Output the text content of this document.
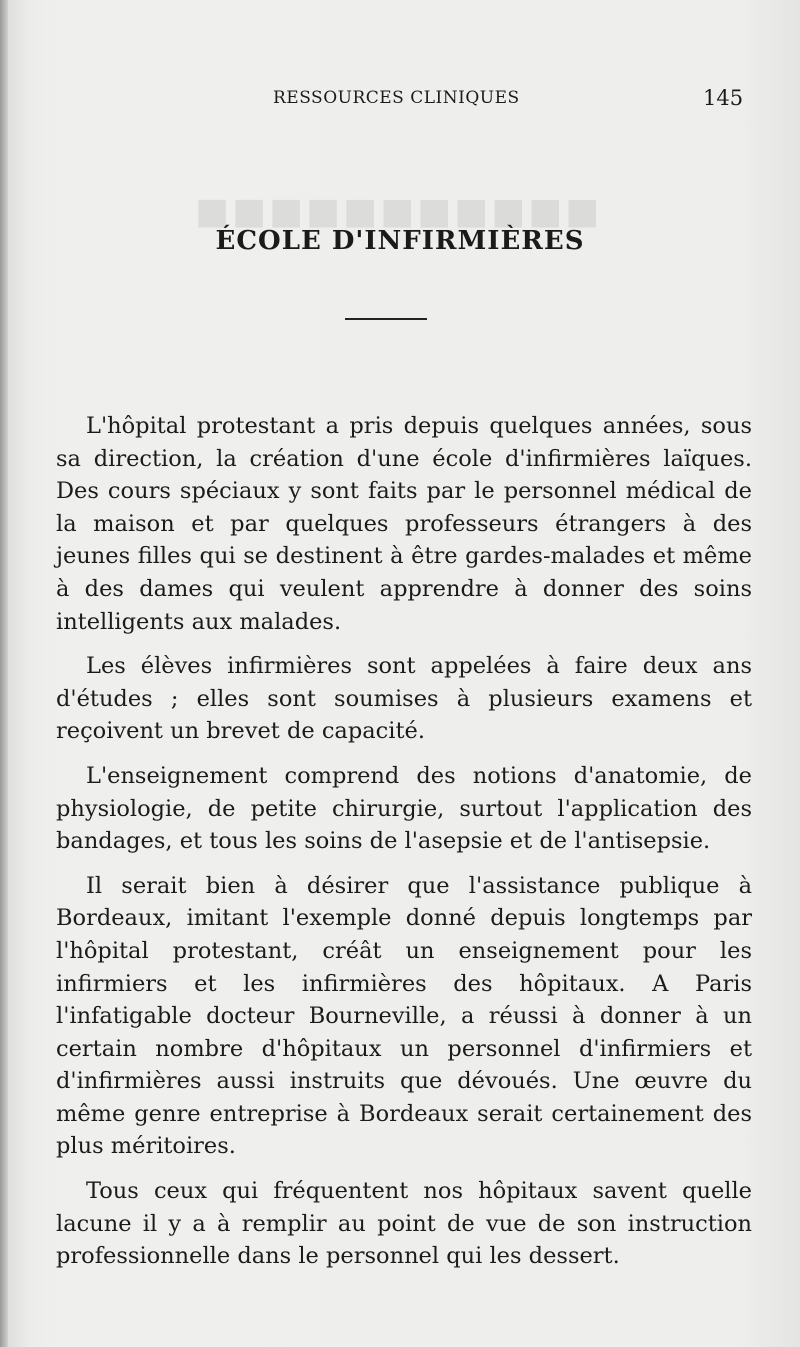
■■■■■■■■■■■
RESSOURCES CLINIQUES	145
ÉCOLE D'INFIRMIÈRES

L'hôpital protestant a pris depuis quelques années, sous sa direction, la création d'une école d'infirmières laïques. Des cours spéciaux y sont faits par le personnel médical de la maison et par quelques professeurs étrangers à des jeunes filles qui se destinent à être gardes-malades et même à des dames qui veulent apprendre à donner des soins intelligents aux malades.

Les élèves infirmières sont appelées à faire deux ans d'études ; elles sont soumises à plusieurs examens et reçoivent un brevet de capacité.

L'enseignement comprend des notions d'anatomie, de physiologie, de petite chirurgie, surtout l'application des bandages, et tous les soins de l'asepsie et de l'antisepsie.

Il serait bien à désirer que l'assistance publique à Bordeaux, imitant l'exemple donné depuis longtemps par l'hôpital protestant, créât un enseignement pour les infirmiers et les infirmières des hôpitaux. A Paris l'infatigable docteur Bourneville, a réussi à donner à un certain nombre d'hôpitaux un personnel d'infirmiers et d'infirmières aussi instruits que dévoués. Une œuvre du même genre entreprise à Bordeaux serait certainement des plus méritoires.

Tous ceux qui fréquentent nos hôpitaux savent quelle lacune il y a à remplir au point de vue de son instruction professionnelle dans le personnel qui les dessert.
